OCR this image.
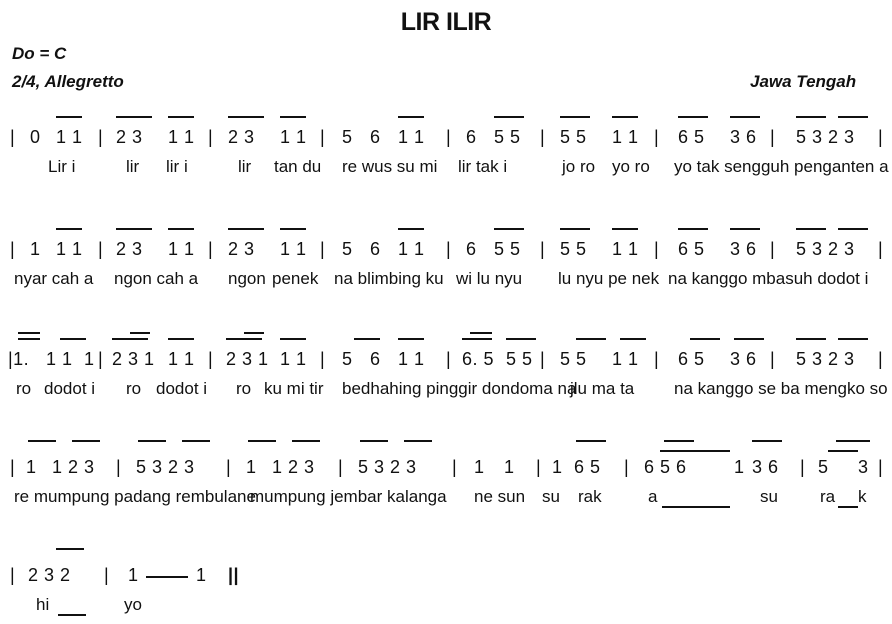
LIR ILIR
Do = C
2/4, Allegretto	Jawa Tengah
| 0 1 1 | 2 3 1 1 | 2 3 1 1 | 5 6 1 1 | 6 5 5 | 5 5 1 1 | 6 5 3 6 | 5 3 2 3 |
Lir i	lir lir i	lir tan du re wus su mi lir tak i	jo ro yo ro yo tak sengguh penganten a
| 1 1 1 | 2 3 1 1 | 2 3 1 1 | 5 6 1 1 | 6 5 5 | 5 5 1 1 | 6 5 3 6 | 5 3 2 3 |
nyar cah a ngon cah a ngon penek na blimbing ku wi lu nyu lu nyu pe nek na kanggo mbasuh dodot i
|1. 1 1 1 | 2 3 1 1 1 | 2 3 1 1 1 | 5 6 1 1 | 6. 5 5 5 | 5 5 1 1 | 6 5 3 6 | 5 3 2 3 |
ro dodot i ro dodot i ro ku mi tir bedhahing pinggir dondoma na
jlu ma ta na kanggo se ba mengko so
| 1 1 2 3 | 5 3 2 3 | 1 1 2 3 | 5 3 2 3 | 1 1 | 1 6 5 | 6 5 6	1 3 6 | 5 3 |
re mumpung padang rembulane
mumpung jembar kalanga ne sun su rak	a	su ra k
| 2 3 2 | 1	1 ||
hi	yo
